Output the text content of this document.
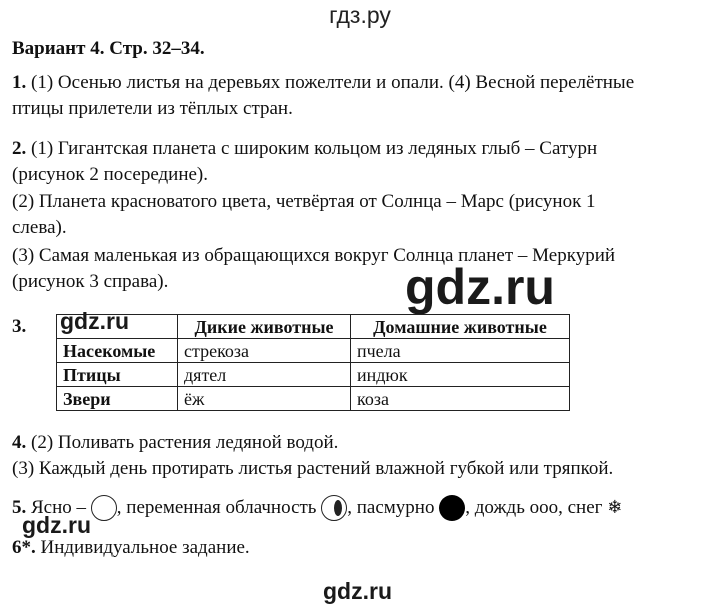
гдз.ру
Вариант 4. Стр. 32–34.
1. (1) Осенью листья на деревьях пожелтели и опали. (4) Весной перелётные
птицы прилетели из тёплых стран.
2. (1) Гигантская планета с широким кольцом из ледяных глыб – Сатурн
(рисунок 2 посередине).
(2) Планета красноватого цвета, четвёртая от Солнца – Марс (рисунок 1
слева).
(3) Самая маленькая из обращающихся вокруг Солнца планет – Меркурий
(рисунок 3 справа).	gdz.ru
3.
		Дикие животные	Домашние животные
Насекомые	стрекоза	пчела
Птицы	дятел	индюк
Звери	ёж	коза
gdz.ru
4. (2) Поливать растения ледяной водой.
(3) Каждый день протирать листья растений влажной губкой или тряпкой.
5. Ясно – , переменная облачность , пасмурно , дождь ооо, снег ❄
gdz.ru
6*. Индивидуальное задание.
gdz.ru
